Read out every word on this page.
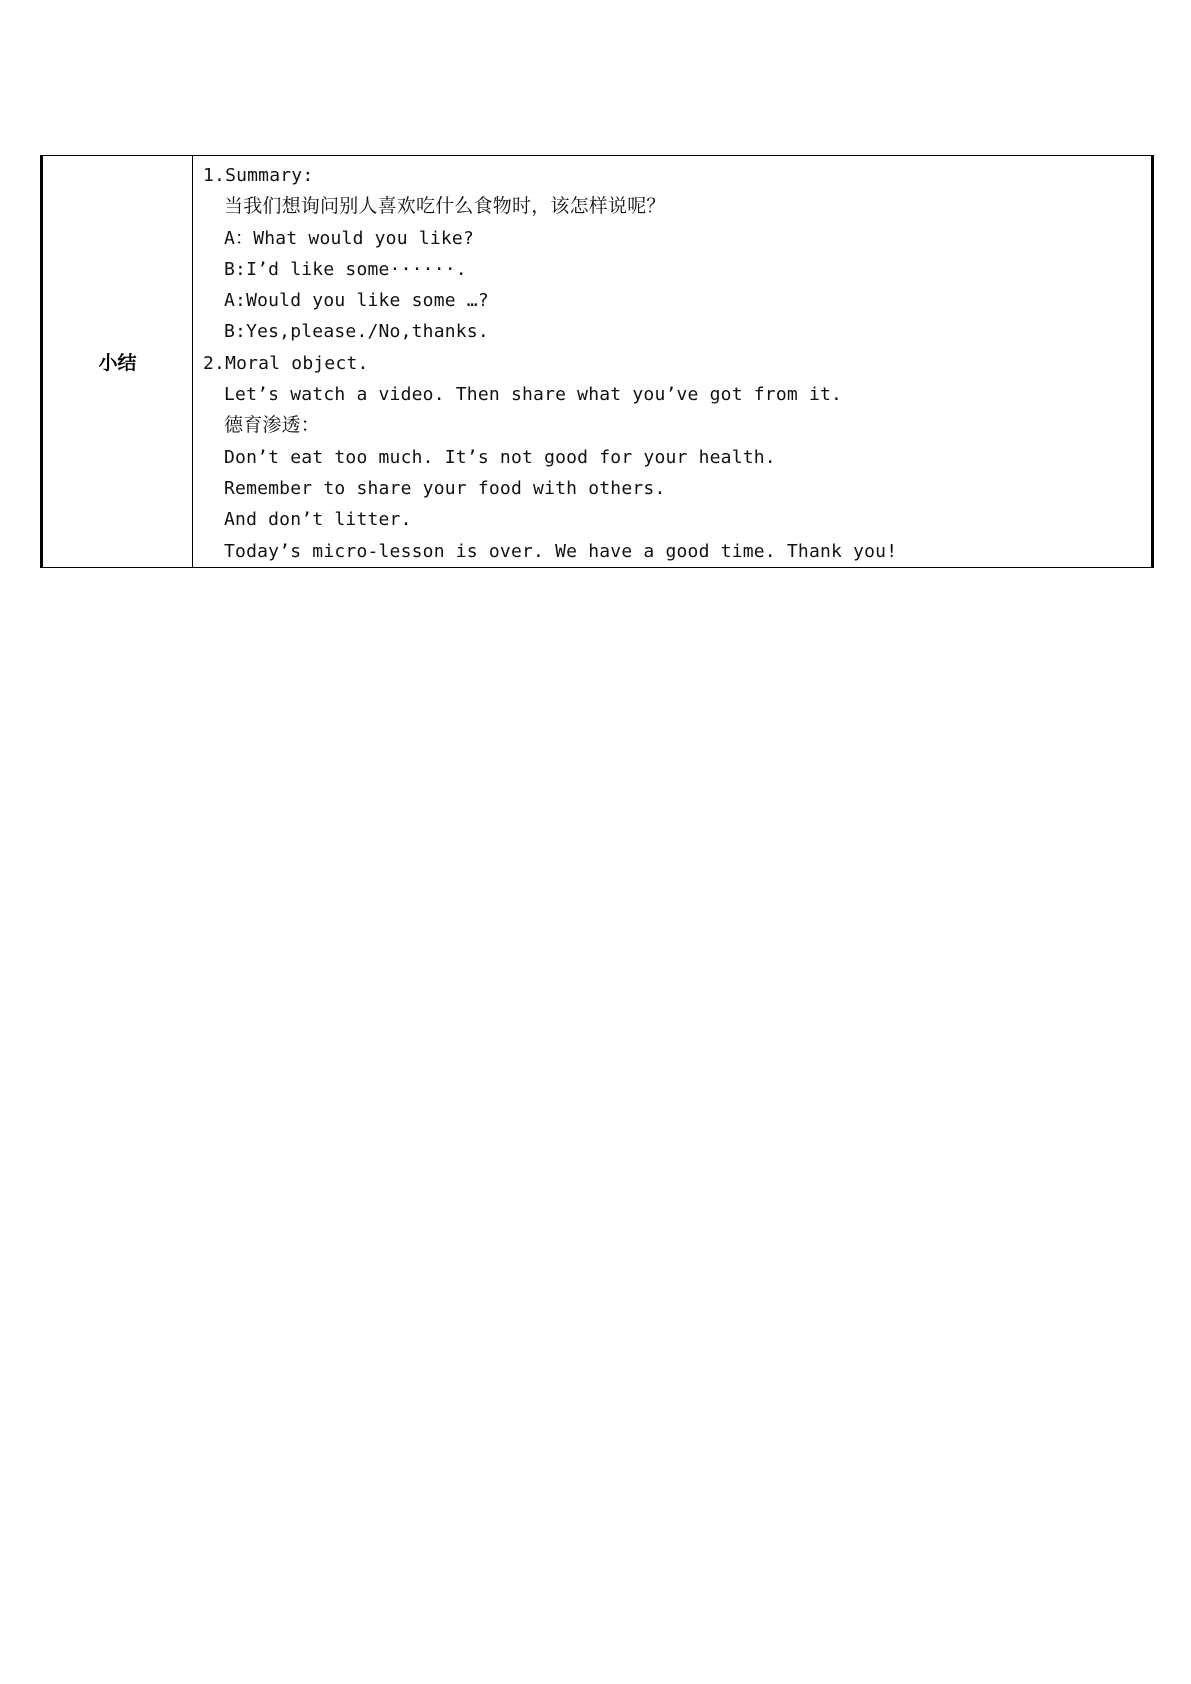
小结	
1.Summary:
当我们想询问别人喜欢吃什么食物时，该怎样说呢？
A：What would you like?
B:I’d like some······.
A:Would you like some …?
B:Yes,please./No,thanks.
2.Moral object.
Let’s watch a video. Then share what you’ve got from it.
德育渗透：
Don’t eat too much. It’s not good for your health.
Remember to share your food with others.
And don’t litter.
Today’s micro-lesson is over. We have a good time. Thank you!
